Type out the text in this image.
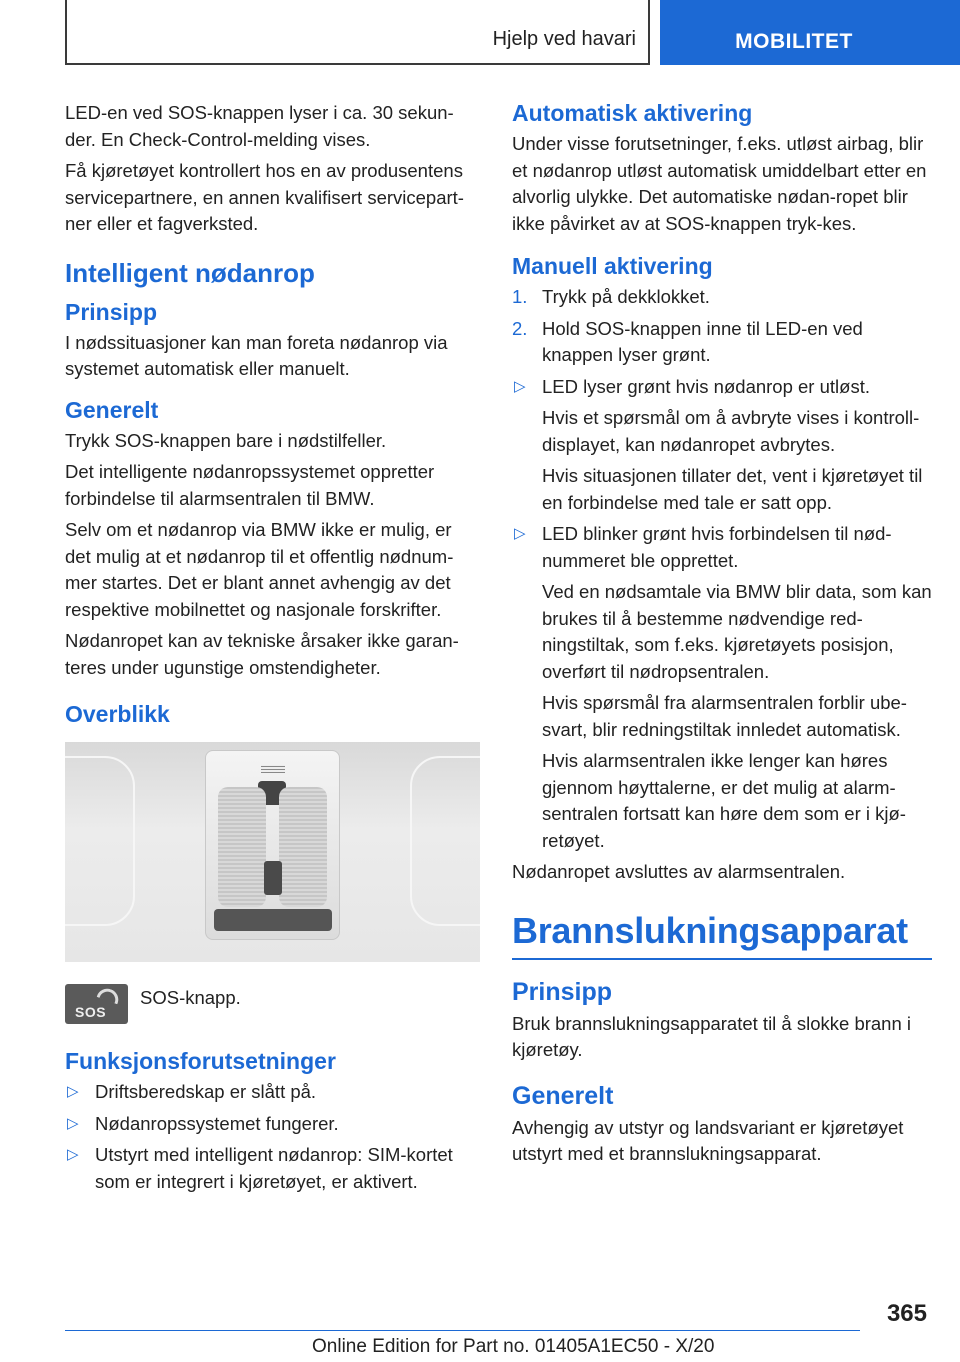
Hjelp ved havari	MOBILITET

LED-en ved SOS-knappen lyser i ca. 30 sekun-der. En Check-Control-melding vises.

Få kjøretøyet kontrollert hos en av produsentens servicepartnere, en annen kvalifisert servicepart-ner eller et fagverksted.

Intelligent nødanrop
Prinsipp

I nødssituasjoner kan man foreta nødanrop via systemet automatisk eller manuelt.

Generelt

Trykk SOS-knappen bare i nødstilfeller.

Det intelligente nødanropssystemet oppretter forbindelse til alarmsentralen til BMW.

Selv om et nødanrop via BMW ikke er mulig, er det mulig at et nødanrop til et offentlig nødnum-mer startes. Det er blant annet avhengig av det respektive mobilnettet og nasjonale forskrifter.

Nødanropet kan av tekniske årsaker ikke garan-teres under ugunstige omstendigheter.

Overblikk
SOS
SOS-knapp.
Funksjonsforutsetninger
▷ Driftsberedskap er slått på.
▷ Nødanropssystemet fungerer.
▷ Utstyrt med intelligent nødanrop: SIM-kortet som er integrert i kjøretøyet, er aktivert.
Automatisk aktivering

Under visse forutsetninger, f.eks. utløst airbag, blir et nødanrop utløst automatisk umiddelbart etter en alvorlig ulykke. Det automatiske nødan-ropet blir ikke påvirket av at SOS-knappen tryk-kes.

Manuell aktivering
1. Trykk på dekklokket.
2. Hold SOS-knappen inne til LED-en ved knappen lyser grønt.
▷ LED lyser grønt hvis nødanrop er utløst.
Hvis et spørsmål om å avbryte vises i kontroll-displayet, kan nødanropet avbrytes.
Hvis situasjonen tillater det, vent i kjøretøyet til en forbindelse med tale er satt opp.
▷ LED blinker grønt hvis forbindelsen til nød-nummeret ble opprettet.
Ved en nødsamtale via BMW blir data, som kan brukes til å bestemme nødvendige red-ningstiltak, som f.eks. kjøretøyets posisjon, overført til nødropsentralen.
Hvis spørsmål fra alarmsentralen forblir ube-svart, blir redningstiltak innledet automatisk.
Hvis alarmsentralen ikke lenger kan høres gjennom høyttalerne, er det mulig at alarm-sentralen fortsatt kan høre dem som er i kjø-retøyet.

Nødanropet avsluttes av alarmsentralen.

Brannslukningsapparat
Prinsipp

Bruk brannslukningsapparatet til å slokke brann i kjøretøy.

Generelt

Avhengig av utstyr og landsvariant er kjøretøyet utstyrt med et brannslukningsapparat.

365
Online Edition for Part no. 01405A1EC50 - X/20
